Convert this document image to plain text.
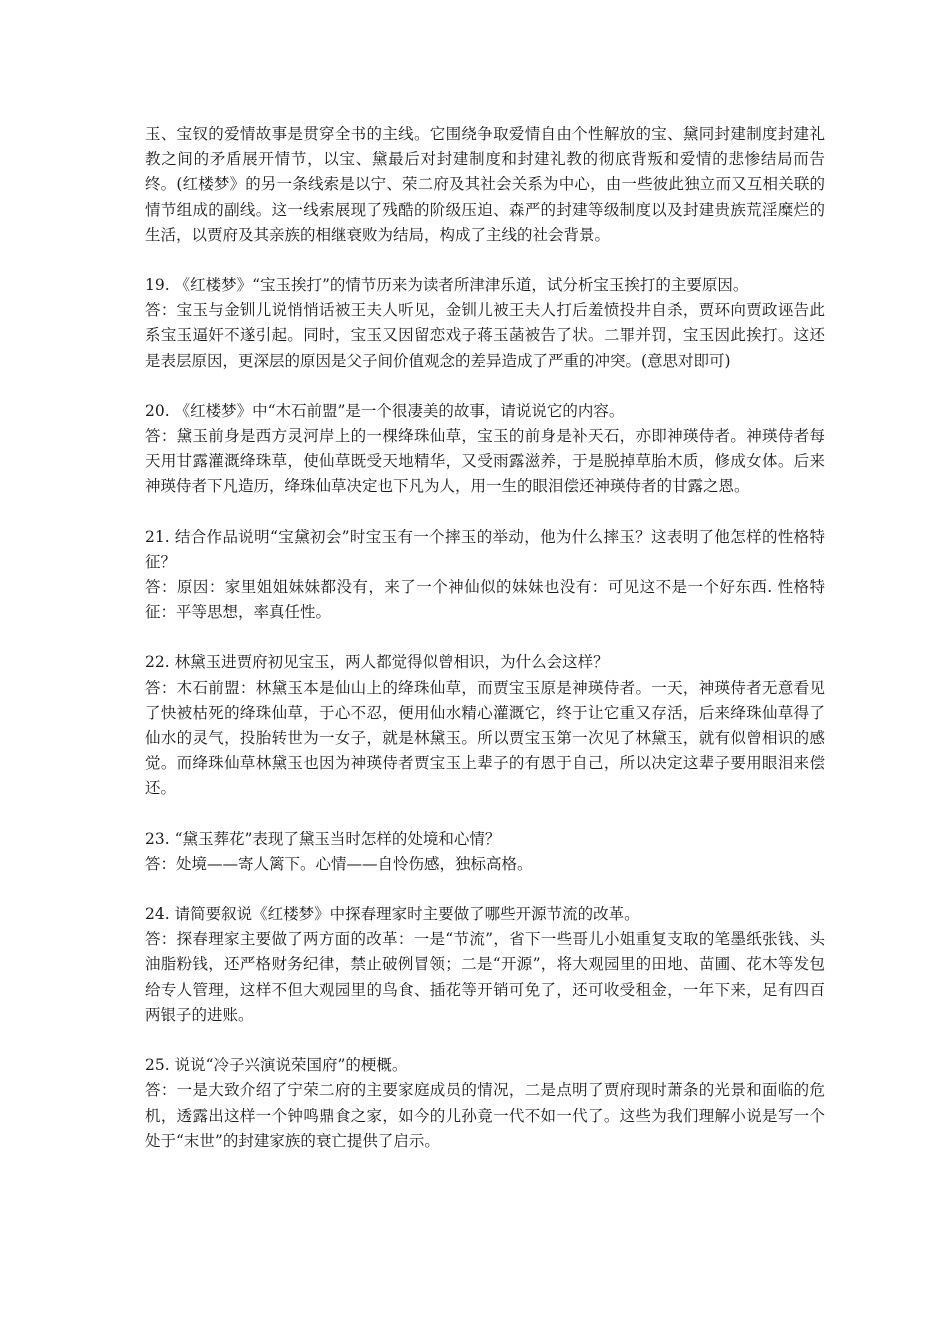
玉、宝钗的爱情故事是贯穿全书的主线。它围绕争取爱情自由个性解放的宝、黛同封建制度封建礼教之间的矛盾展开情节，以宝、黛最后对封建制度和封建礼教的彻底背叛和爱情的悲惨结局而告终。(红楼梦》的另一条线索是以宁、荣二府及其社会关系为中心，由一些彼此独立而又互相关联的情节组成的副线。这一线索展现了残酷的阶级压迫、森严的封建等级制度以及封建贵族荒淫糜烂的生活，以贾府及其亲族的相继衰败为结局，构成了主线的社会背景。

19. 《红楼梦》“宝玉挨打”的情节历来为读者所津津乐道，试分析宝玉挨打的主要原因。

答：宝玉与金钏儿说悄悄话被王夫人听见，金钏儿被王夫人打后羞愤投井自杀，贾环向贾政诬告此系宝玉逼奸不遂引起。同时，宝玉又因留恋戏子蒋玉菡被告了状。二罪并罚，宝玉因此挨打。这还是表层原因，更深层的原因是父子间价值观念的差异造成了严重的冲突。(意思对即可)

20. 《红楼梦》中“木石前盟”是一个很凄美的故事，请说说它的内容。

答：黛玉前身是西方灵河岸上的一棵绛珠仙草，宝玉的前身是补天石，亦即神瑛侍者。神瑛侍者每天用甘露灌溉绛珠草，使仙草既受天地精华，又受雨露滋养，于是脱掉草胎木质，修成女体。后来神瑛侍者下凡造历，绛珠仙草决定也下凡为人，用一生的眼泪偿还神瑛侍者的甘露之恩。

21. 结合作品说明“宝黛初会”时宝玉有一个摔玉的举动，他为什么摔玉？这表明了他怎样的性格特征？

答：原因：家里姐姐妹妹都没有，来了一个神仙似的妹妹也没有：可见这不是一个好东西. 性格特征：平等思想，率真任性。

22. 林黛玉进贾府初见宝玉，两人都觉得似曾相识，为什么会这样？

答：木石前盟：林黛玉本是仙山上的绛珠仙草，而贾宝玉原是神瑛侍者。一天，神瑛侍者无意看见了快被枯死的绛珠仙草，于心不忍，便用仙水精心灌溉它，终于让它重又存活，后来绛珠仙草得了仙水的灵气，投胎转世为一女子，就是林黛玉。所以贾宝玉第一次见了林黛玉，就有似曾相识的感觉。而绛珠仙草林黛玉也因为神瑛侍者贾宝玉上辈子的有恩于自己，所以决定这辈子要用眼泪来偿还。

23. “黛玉葬花”表现了黛玉当时怎样的处境和心情？

答：处境——寄人篱下。心情——自怜伤感，独标高格。

24. 请简要叙说《红楼梦》中探春理家时主要做了哪些开源节流的改革。

答：探春理家主要做了两方面的改革：一是“节流”，省下一些哥儿小姐重复支取的笔墨纸张钱、头油脂粉钱，还严格财务纪律，禁止破例冒领；二是“开源”，将大观园里的田地、苗圃、花木等发包给专人管理，这样不但大观园里的鸟食、插花等开销可免了，还可收受租金，一年下来，足有四百两银子的进账。

25. 说说“冷子兴演说荣国府”的梗概。

答：一是大致介绍了宁荣二府的主要家庭成员的情况，二是点明了贾府现时萧条的光景和面临的危机，透露出这样一个钟鸣鼎食之家，如今的儿孙竟一代不如一代了。这些为我们理解小说是写一个处于“末世”的封建家族的衰亡提供了启示。
